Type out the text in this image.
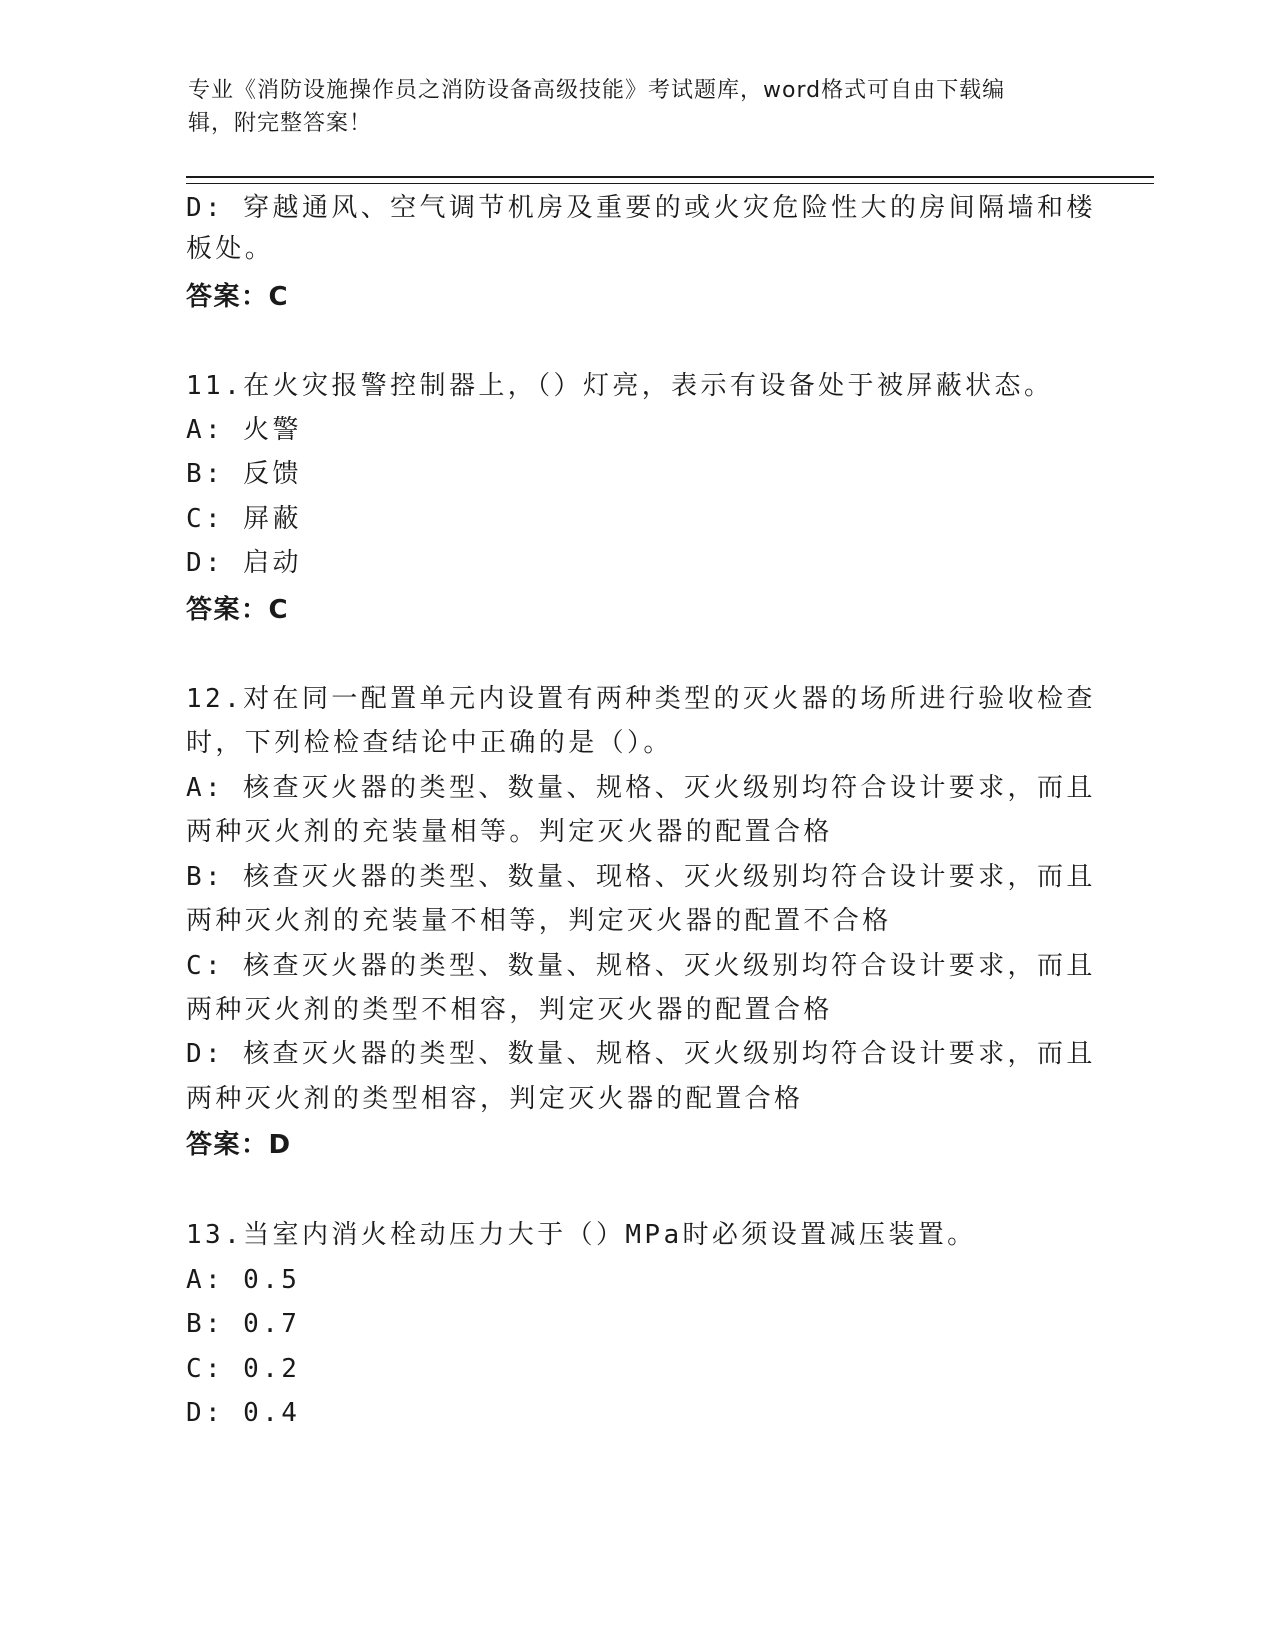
专业《消防设施操作员之消防设备高级技能》考试题库，word格式可自由下载编
辑，附完整答案！
D: 穿越通风、空气调节机房及重要的或火灾危险性大的房间隔墙和楼
板处。
答案：C
11.在火灾报警控制器上，（）灯亮，表示有设备处于被屏蔽状态。
A: 火警
B: 反馈
C: 屏蔽
D: 启动
答案：C
12.对在同一配置单元内设置有两种类型的灭火器的场所进行验收检查
时，下列检检查结论中正确的是（）。
A: 核查灭火器的类型、数量、规格、灭火级别均符合设计要求，而且
两种灭火剂的充装量相等。判定灭火器的配置合格
B: 核查灭火器的类型、数量、现格、灭火级别均符合设计要求，而且
两种灭火剂的充装量不相等，判定灭火器的配置不合格
C: 核查灭火器的类型、数量、规格、灭火级别均符合设计要求，而且
两种灭火剂的类型不相容，判定灭火器的配置合格
D: 核查灭火器的类型、数量、规格、灭火级别均符合设计要求，而且
两种灭火剂的类型相容，判定灭火器的配置合格
答案：D
13.当室内消火栓动压力大于（）MPa时必须设置减压装置。
A: 0.5
B: 0.7
C: 0.2
D: 0.4
